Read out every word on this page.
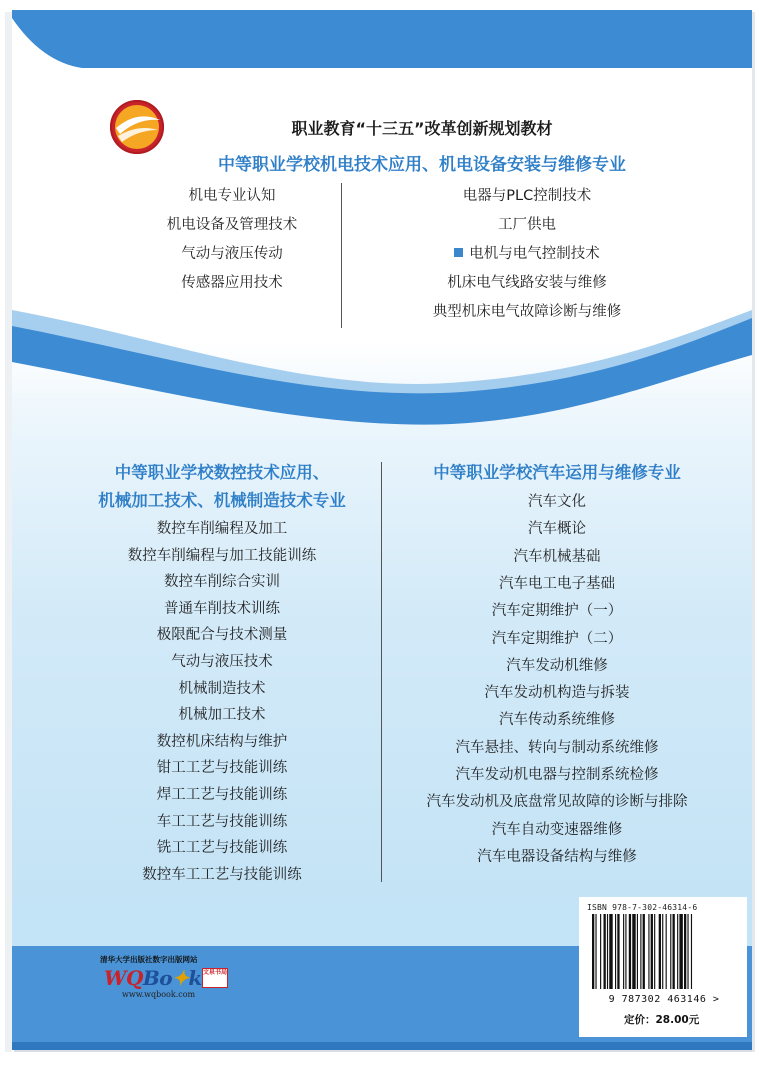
职业教育“十三五”改革创新规划教材
中等职业学校机电技术应用、机电设备安装与维修专业
机电专业认知
机电设备及管理技术
气动与液压传动
传感器应用技术
电器与PLC控制技术
工厂供电
电机与电气控制技术
机床电气线路安装与维修
典型机床电气故障诊断与维修
中等职业学校数控技术应用、
机械加工技术、机械制造技术专业
数控车削编程及加工
数控车削编程与加工技能训练
数控车削综合实训
普通车削技术训练
极限配合与技术测量
气动与液压技术
机械制造技术
机械加工技术
数控机床结构与维护
钳工工艺与技能训练
焊工工艺与技能训练
车工工艺与技能训练
铣工工艺与技能训练
数控车工工艺与技能训练
中等职业学校汽车运用与维修专业
汽车文化
汽车概论
汽车机械基础
汽车电工电子基础
汽车定期维护（一）
汽车定期维护（二）
汽车发动机维修
汽车发动机构造与拆装
汽车传动系统维修
汽车悬挂、转向与制动系统维修
汽车发动机电器与控制系统检修
汽车发动机及底盘常见故障的诊断与排除
汽车自动变速器维修
汽车电器设备结构与维修
清华大学出版社数字出版网站
WQBo✦k 文泉书局
www.wqbook.com
ISBN 978-7-302-46314-6
9 787302 463146 >
定价：28.00元
